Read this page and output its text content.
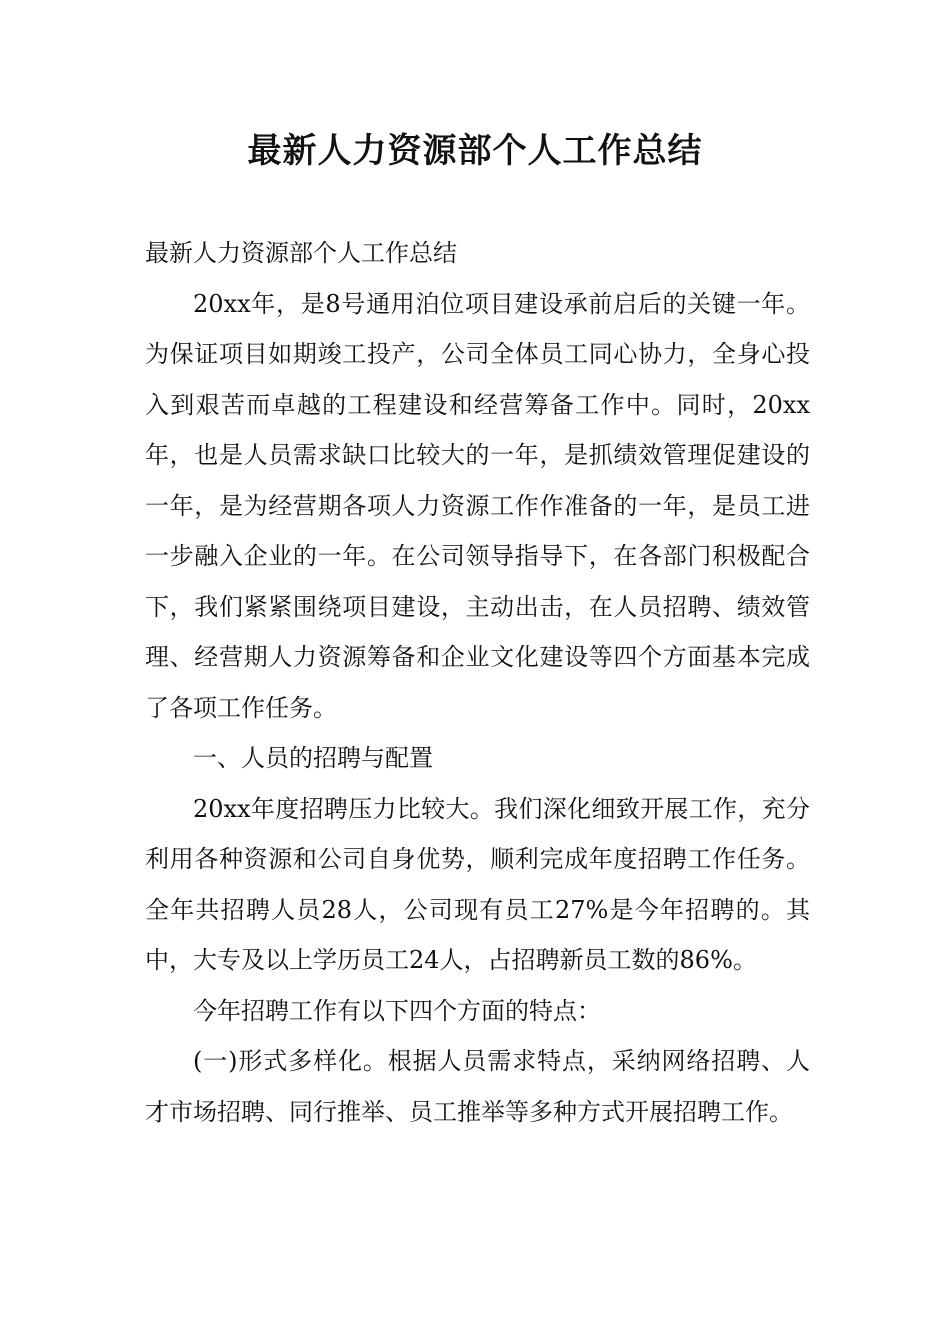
最新人力资源部个人工作总结

最新人力资源部个人工作总结

20xx年，是8号通用泊位项目建设承前启后的关键一年。为保证项目如期竣工投产，公司全体员工同心协力，全身心投入到艰苦而卓越的工程建设和经营筹备工作中。同时，20xx年，也是人员需求缺口比较大的一年，是抓绩效管理促建设的一年，是为经营期各项人力资源工作作准备的一年，是员工进一步融入企业的一年。在公司领导指导下，在各部门积极配合下，我们紧紧围绕项目建设，主动出击，在人员招聘、绩效管理、经营期人力资源筹备和企业文化建设等四个方面基本完成了各项工作任务。

一、人员的招聘与配置

20xx年度招聘压力比较大。我们深化细致开展工作，充分利用各种资源和公司自身优势，顺利完成年度招聘工作任务。全年共招聘人员28人，公司现有员工27%是今年招聘的。其中，大专及以上学历员工24人，占招聘新员工数的86%。

今年招聘工作有以下四个方面的特点：

(一)形式多样化。根据人员需求特点，采纳网络招聘、人才市场招聘、同行推举、员工推举等多种方式开展招聘工作。
